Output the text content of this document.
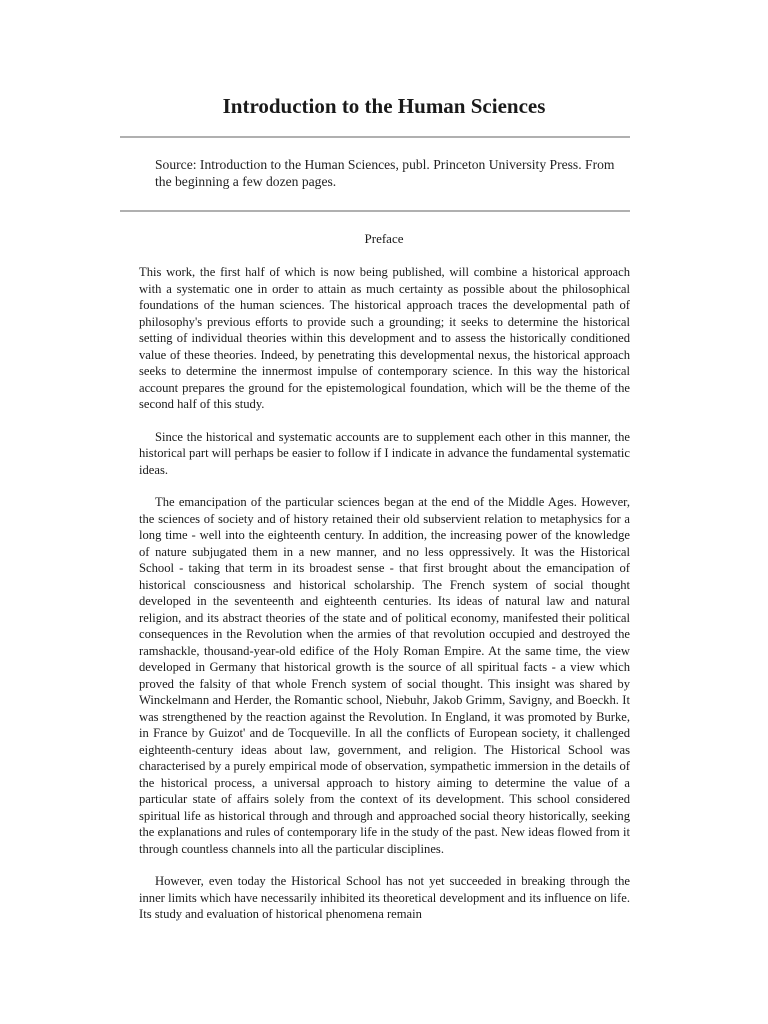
Introduction to the Human Sciences

Source: Introduction to the Human Sciences, publ. Princeton University Press. From the beginning a few dozen pages.

Preface

This work, the first half of which is now being published, will combine a historical approach with a systematic one in order to attain as much certainty as possible about the philosophical foundations of the human sciences. The historical approach traces the developmental path of philosophy's previous efforts to provide such a grounding; it seeks to determine the historical setting of individual theories within this development and to assess the historically conditioned value of these theories. Indeed, by penetrating this developmental nexus, the historical approach seeks to determine the innermost impulse of contemporary science. In this way the historical account prepares the ground for the epistemological foundation, which will be the theme of the second half of this study.

Since the historical and systematic accounts are to supplement each other in this manner, the historical part will perhaps be easier to follow if I indicate in advance the fundamental systematic ideas.

The emancipation of the particular sciences began at the end of the Middle Ages. However, the sciences of society and of history retained their old subservient relation to metaphysics for a long time - well into the eighteenth century. In addition, the increasing power of the knowledge of nature subjugated them in a new manner, and no less oppressively. It was the Historical School - taking that term in its broadest sense - that first brought about the emancipation of historical consciousness and historical scholarship. The French system of social thought developed in the seventeenth and eighteenth centuries. Its ideas of natural law and natural religion, and its abstract theories of the state and of political economy, manifested their political consequences in the Revolution when the armies of that revolution occupied and destroyed the ramshackle, thousand-year-old edifice of the Holy Roman Empire. At the same time, the view developed in Germany that historical growth is the source of all spiritual facts - a view which proved the falsity of that whole French system of social thought. This insight was shared by Winckelmann and Herder, the Romantic school, Niebuhr, Jakob Grimm, Savigny, and Boeckh. It was strengthened by the reaction against the Revolution. In England, it was promoted by Burke, in France by Guizot' and de Tocqueville. In all the conflicts of European society, it challenged eighteenth-century ideas about law, government, and religion. The Historical School was characterised by a purely empirical mode of observation, sympathetic immersion in the details of the historical process, a universal approach to history aiming to determine the value of a particular state of affairs solely from the context of its development. This school considered spiritual life as historical through and through and approached social theory historically, seeking the explanations and rules of contemporary life in the study of the past. New ideas flowed from it through countless channels into all the particular disciplines.

However, even today the Historical School has not yet succeeded in breaking through the inner limits which have necessarily inhibited its theoretical development and its influence on life. Its study and evaluation of historical phenomena remain
